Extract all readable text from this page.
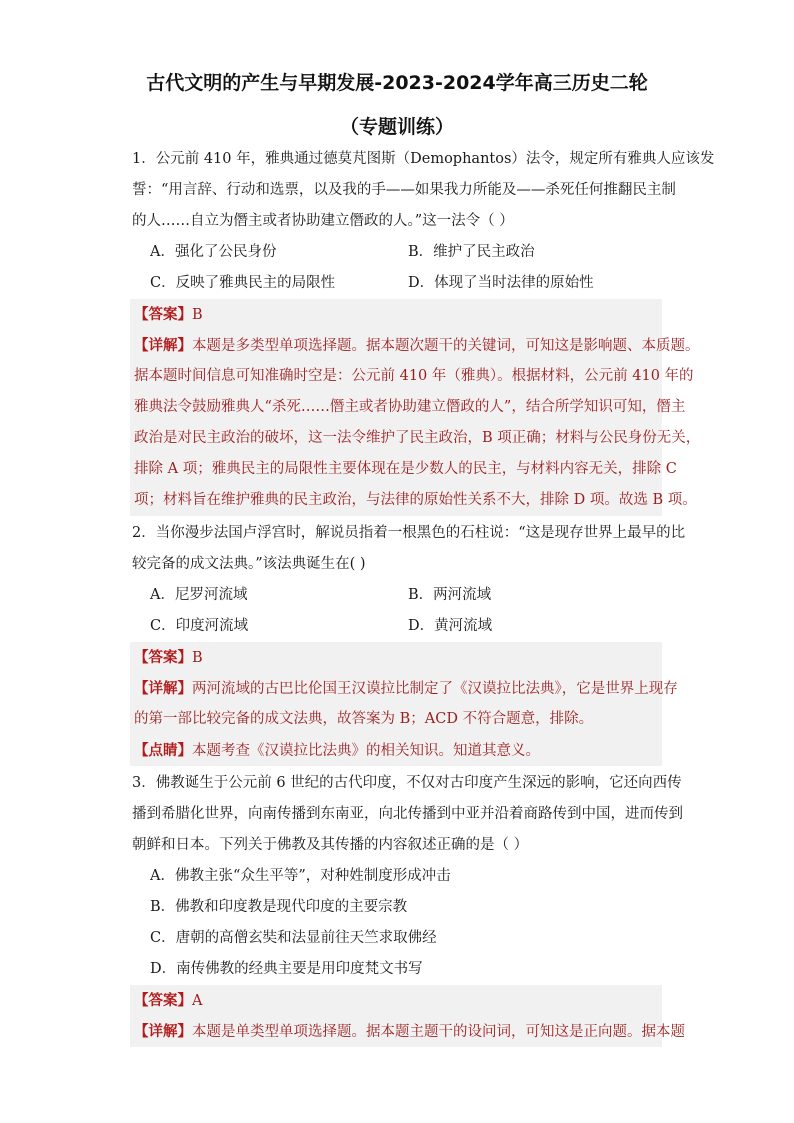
古代文明的产生与早期发展-2023-2024学年高三历史二轮
（专题训练）
1．公元前 410 年，雅典通过德莫芃图斯（Demophantos）法令，规定所有雅典人应该发
誓：“用言辞、行动和选票，以及我的手——如果我力所能及——杀死任何推翻民主制
的人……自立为僭主或者协助建立僭政的人。”这一法令（ ）
A．强化了公民身份	B．维护了民主政治
C．反映了雅典民主的局限性	D．体现了当时法律的原始性
【答案】B
【详解】本题是多类型单项选择题。据本题次题干的关键词，可知这是影响题、本质题。
据本题时间信息可知准确时空是：公元前 410 年（雅典）。根据材料，公元前 410 年的
雅典法令鼓励雅典人“杀死……僭主或者协助建立僭政的人”，结合所学知识可知，僭主
政治是对民主政治的破坏，这一法令维护了民主政治，B 项正确；材料与公民身份无关，
排除 A 项；雅典民主的局限性主要体现在是少数人的民主，与材料内容无关，排除 C
项；材料旨在维护雅典的民主政治，与法律的原始性关系不大，排除 D 项。故选 B 项。
2．当你漫步法国卢浮宫时，解说员指着一根黑色的石柱说：“这是现存世界上最早的比
较完备的成文法典。”该法典诞生在( )
A．尼罗河流域	B．两河流域
C．印度河流域	D．黄河流域
【答案】B
【详解】两河流域的古巴比伦国王汉谟拉比制定了《汉谟拉比法典》，它是世界上现存
的第一部比较完备的成文法典，故答案为 B；ACD 不符合题意，排除。
【点睛】本题考查《汉谟拉比法典》的相关知识。知道其意义。
3．佛教诞生于公元前 6 世纪的古代印度，不仅对古印度产生深远的影响，它还向西传
播到希腊化世界，向南传播到东南亚，向北传播到中亚并沿着商路传到中国，进而传到
朝鲜和日本。下列关于佛教及其传播的内容叙述正确的是（ ）
A．佛教主张“众生平等”，对种姓制度形成冲击
B．佛教和印度教是现代印度的主要宗教
C．唐朝的高僧玄奘和法显前往天竺求取佛经
D．南传佛教的经典主要是用印度梵文书写
【答案】A
【详解】本题是单类型单项选择题。据本题主题干的设问词，可知这是正向题。据本题
